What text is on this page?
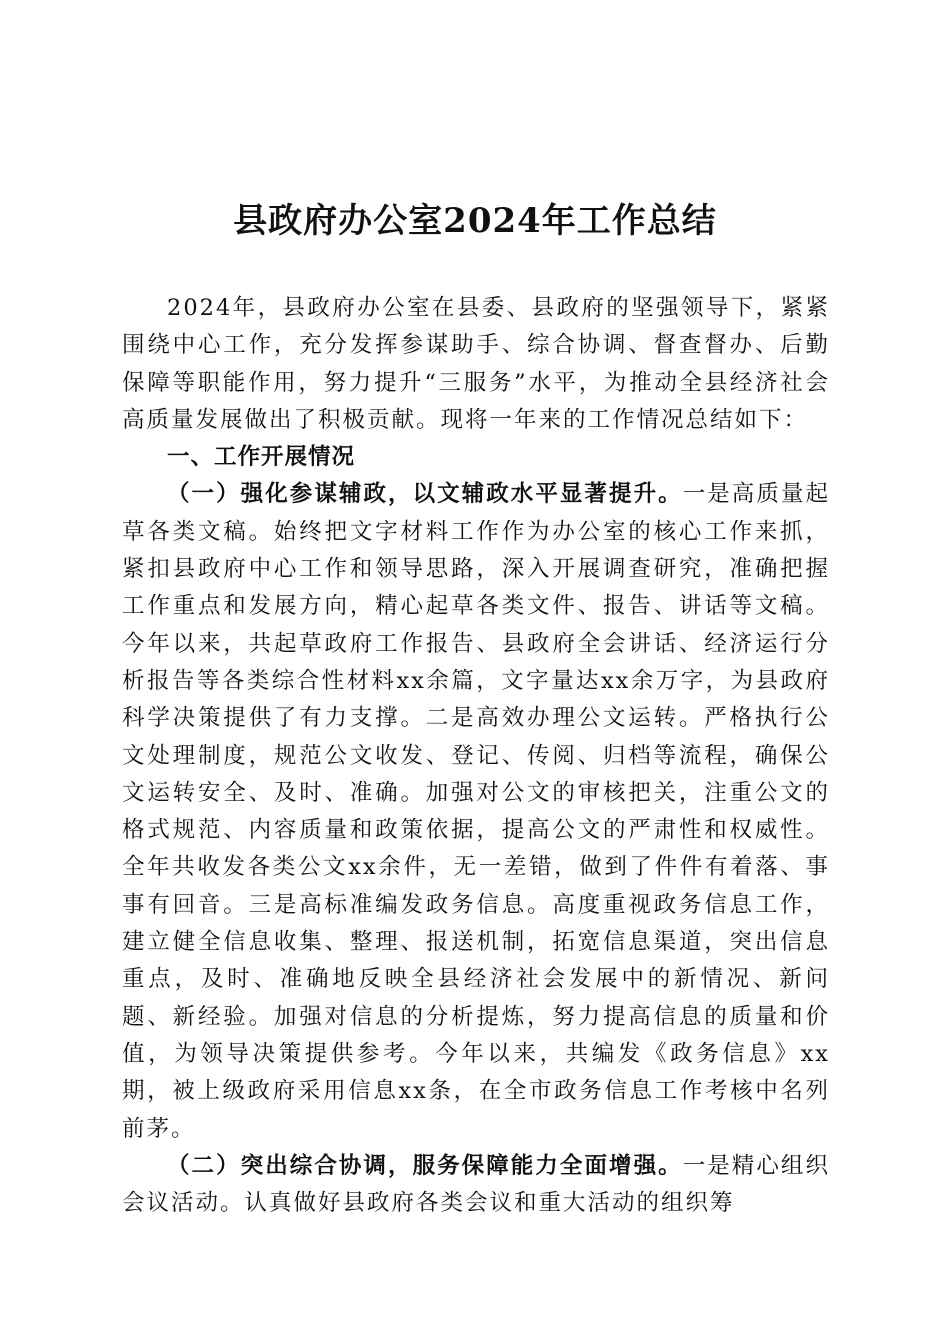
县政府办公室2024年工作总结

2024年，县政府办公室在县委、县政府的坚强领导下，紧紧围绕中心工作，充分发挥参谋助手、综合协调、督查督办、后勤保障等职能作用，努力提升“三服务”水平，为推动全县经济社会高质量发展做出了积极贡献。现将一年来的工作情况总结如下：

一、工作开展情况

（一）强化参谋辅政，以文辅政水平显著提升。一是高质量起草各类文稿。始终把文字材料工作作为办公室的核心工作来抓，紧扣县政府中心工作和领导思路，深入开展调查研究，准确把握工作重点和发展方向，精心起草各类文件、报告、讲话等文稿。今年以来，共起草政府工作报告、县政府全会讲话、经济运行分析报告等各类综合性材料xx余篇，文字量达xx余万字，为县政府科学决策提供了有力支撑。二是高效办理公文运转。严格执行公文处理制度，规范公文收发、登记、传阅、归档等流程，确保公文运转安全、及时、准确。加强对公文的审核把关，注重公文的格式规范、内容质量和政策依据，提高公文的严肃性和权威性。全年共收发各类公文xx余件，无一差错，做到了件件有着落、事事有回音。三是高标准编发政务信息。高度重视政务信息工作，建立健全信息收集、整理、报送机制，拓宽信息渠道，突出信息重点，及时、准确地反映全县经济社会发展中的新情况、新问题、新经验。加强对信息的分析提炼，努力提高信息的质量和价值，为领导决策提供参考。今年以来，共编发《政务信息》xx期，被上级政府采用信息xx条，在全市政务信息工作考核中名列前茅。

（二）突出综合协调，服务保障能力全面增强。一是精心组织会议活动。认真做好县政府各类会议和重大活动的组织筹
